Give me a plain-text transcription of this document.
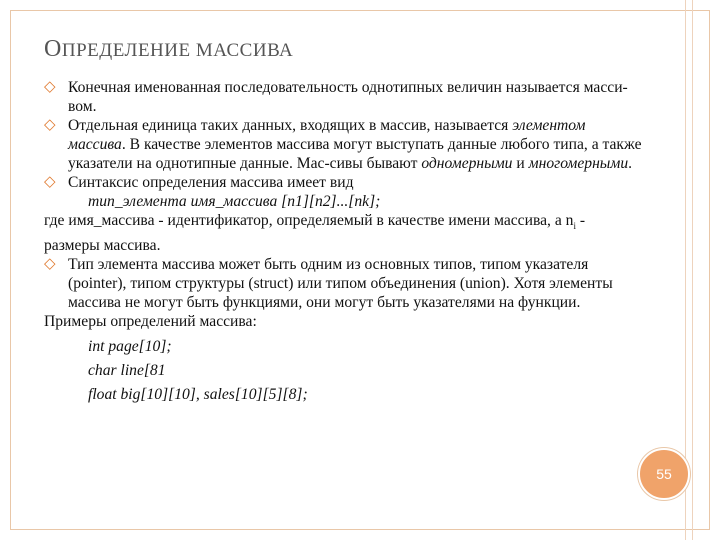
ОПРЕДЕЛЕНИЕ МАССИВА
◇ Конечная именованная последовательность однотипных величин называется масси-вом.
◇ Отдельная единица таких данных, входящих в массив, называется элементом массива. В качестве элементов массива могут выступать данные любого типа, а также указатели на однотипные данные. Мас-сивы бывают одномерными и многомерными.
◇ Синтаксис определения массива имеет вид
тип_элемента имя_массива [n1][n2]...[nk];
где имя_массива - идентификатор, определяемый в качестве имени массива, а $n_i$ - размеры массива.
◇ Тип элемента массива может быть одним из основных типов, типом указателя (pointer), типом структуры (struct) или типом объединения (union). Хотя элементы массива не могут быть функциями, они могут быть указателями на функции.
Примеры определений массива:
int page[10];
char line[81
float big[10][10], sales[10][5][8];
55
